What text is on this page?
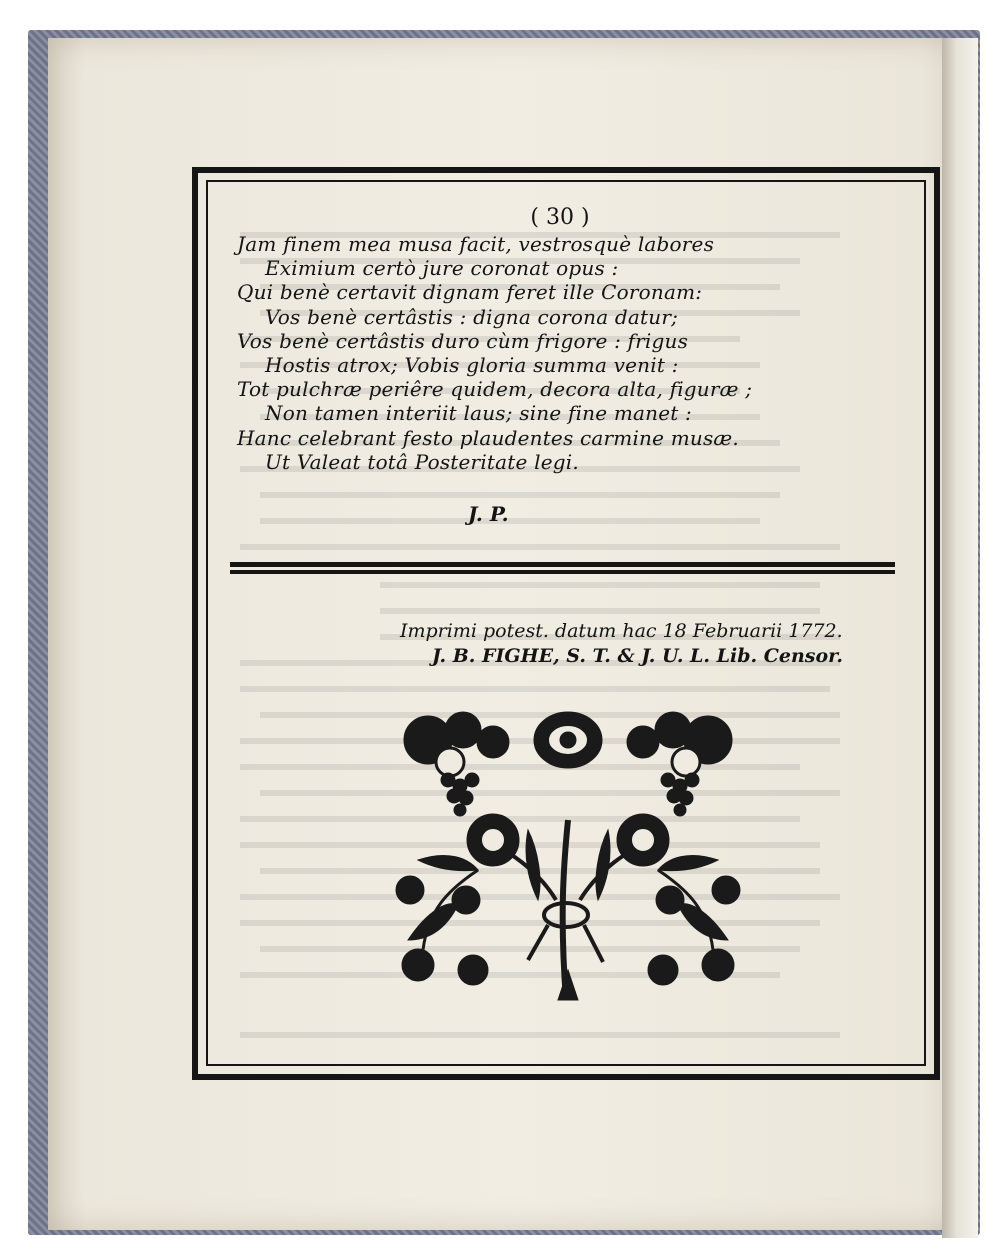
( 30 )
Jam finem mea musa facit, vestrosquè labores
Eximium certò jure coronat opus :
Qui benè certavit dignam feret ille Coronam:
Vos benè certâstis : digna corona datur;
Vos benè certâstis duro cùm frigore : frigus
Hostis atrox; Vobis gloria summa venit :
Tot pulchræ periêre quidem, decora alta, figuræ ;
Non tamen interiit laus; sine fine manet :
Hanc celebrant festo plaudentes carmine musæ.
Ut Valeat totâ Posteritate legi.
J. P.
Imprimi potest. datum hac 18 Februarii 1772.
J. B. FIGHE, S. T. & J. U. L. Lib. Censor.
